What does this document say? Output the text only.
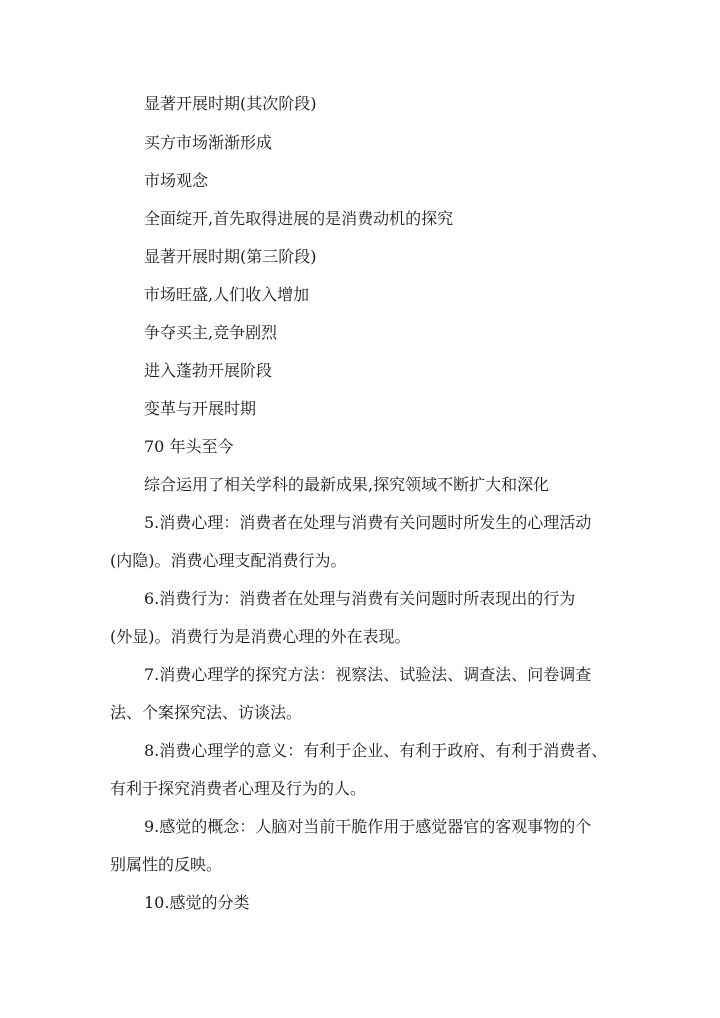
显著开展时期(其次阶段)
买方市场渐渐形成
市场观念
全面绽开,首先取得进展的是消费动机的探究
显著开展时期(第三阶段)
市场旺盛,人们收入增加
争夺买主,竞争剧烈
进入蓬勃开展阶段
变革与开展时期
70 年头至今
综合运用了相关学科的最新成果,探究领域不断扩大和深化
5.消费心理：消费者在处理与消费有关问题时所发生的心理活动
(内隐)。消费心理支配消费行为。
6.消费行为：消费者在处理与消费有关问题时所表现出的行为
(外显)。消费行为是消费心理的外在表现。
7.消费心理学的探究方法：视察法、试验法、调查法、问卷调查
法、个案探究法、访谈法。
8.消费心理学的意义：有利于企业、有利于政府、有利于消费者、
有利于探究消费者心理及行为的人。
9.感觉的概念：人脑对当前干脆作用于感觉器官的客观事物的个
别属性的反映。
10.感觉的分类
